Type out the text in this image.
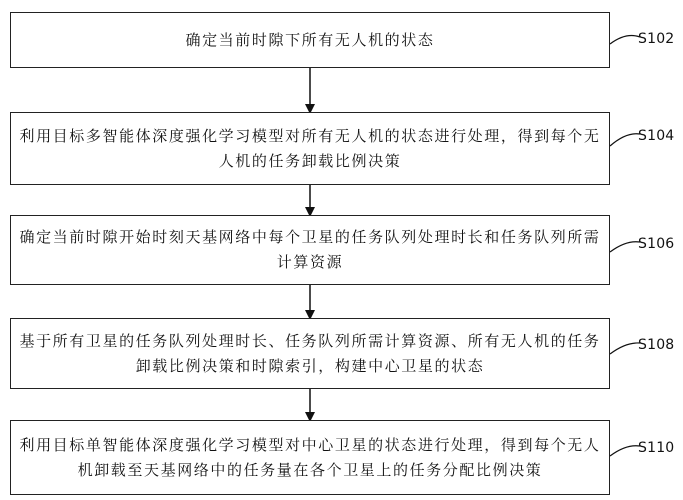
确定当前时隙下所有无人机的状态
利用目标多智能体深度强化学习模型对所有无人机的状态进行处理，得到每个无人机的任务卸载比例决策
确定当前时隙开始时刻天基网络中每个卫星的任务队列处理时长和任务队列所需计算资源
基于所有卫星的任务队列处理时长、任务队列所需计算资源、所有无人机的任务卸载比例决策和时隙索引，构建中心卫星的状态
利用目标单智能体深度强化学习模型对中心卫星的状态进行处理，得到每个无人机卸载至天基网络中的任务量在各个卫星上的任务分配比例决策
S102
S104
S106
S108
S110
